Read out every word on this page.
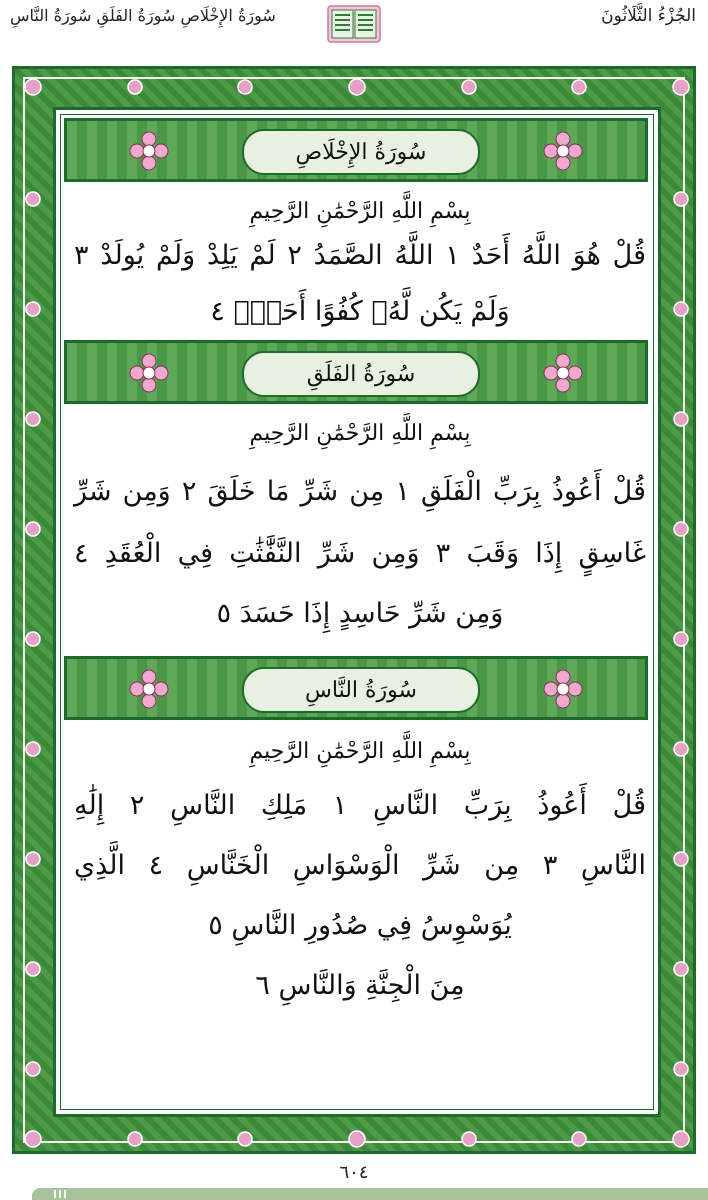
الجُزْءُ الثَّلَاثُونَ
سُورَةُ الإِخْلَاصِ سُورَةُ الفَلَقِ سُورَةُ النَّاسِ
سُورَةُ الإِخْلَاصِ
بِسْمِ اللَّهِ الرَّحْمَٰنِ الرَّحِيمِ
قُلْ هُوَ اللَّهُ أَحَدٌ ١ اللَّهُ الصَّمَدُ ٢ لَمْ يَلِدْ وَلَمْ يُولَدْ ٣
وَلَمْ يَكُن لَّهُۥ كُفُوًا أَحَدٌۢ ٤
سُورَةُ الفَلَقِ
بِسْمِ اللَّهِ الرَّحْمَٰنِ الرَّحِيمِ
قُلْ أَعُوذُ بِرَبِّ الْفَلَقِ ١ مِن شَرِّ مَا خَلَقَ ٢ وَمِن شَرِّ
غَاسِقٍ إِذَا وَقَبَ ٣ وَمِن شَرِّ النَّفَّٰثَٰتِ فِي الْعُقَدِ ٤
وَمِن شَرِّ حَاسِدٍ إِذَا حَسَدَ ٥
سُورَةُ النَّاسِ
بِسْمِ اللَّهِ الرَّحْمَٰنِ الرَّحِيمِ
قُلْ أَعُوذُ بِرَبِّ النَّاسِ ١ مَلِكِ النَّاسِ ٢ إِلَٰهِ
النَّاسِ ٣ مِن شَرِّ الْوَسْوَاسِ الْخَنَّاسِ ٤ الَّذِي
يُوَسْوِسُ فِي صُدُورِ النَّاسِ ٥
مِنَ الْجِنَّةِ وَالنَّاسِ ٦
٦٠٤
